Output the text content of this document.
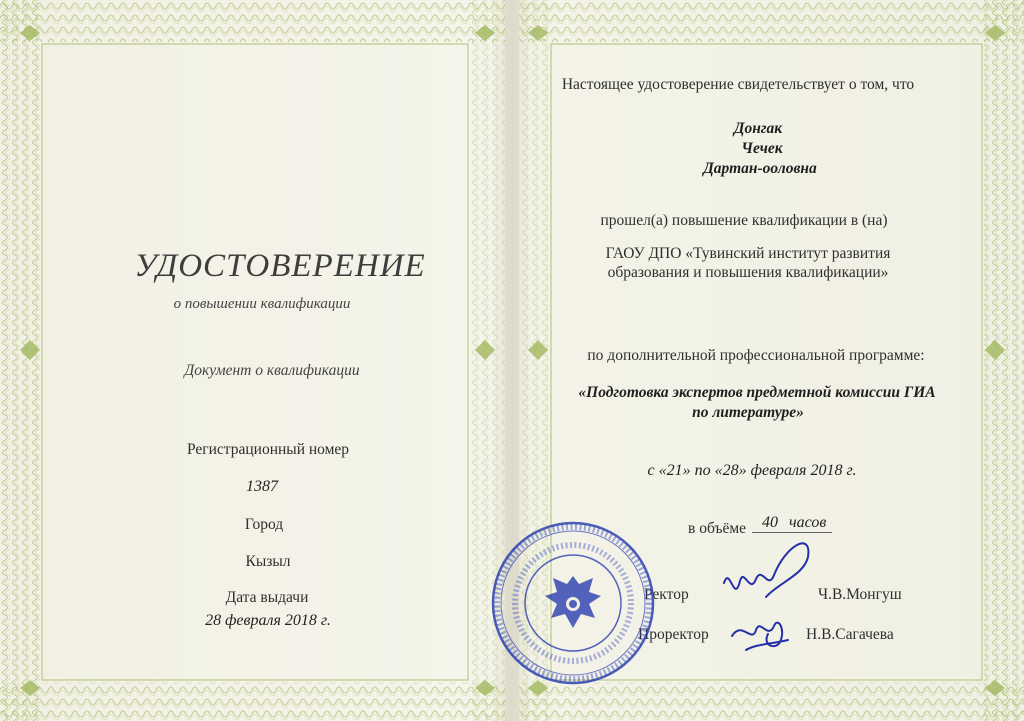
УДОСТОВЕРЕНИЕ
о повышении квалификации
Документ о квалификации
Регистрационный номер
1387
Город
Кызыл
Дата выдачи
28 февраля 2018 г.
Настоящее удостоверение свидетельствует о том, что
Донгак
Чечек
Дартан-ооловна
прошел(а) повышение квалификации в (на)
ГАОУ ДПО «Тувинский институт развития
образования и повышения квалификации»
по дополнительной профессиональной программе:
«Подготовка экспертов предметной комиссии ГИА
по литературе»
с «21» по «28» февраля 2018 г.
в объёме 40 часов
Ректор	Ч.В.Монгуш
Проректор	Н.В.Сагачева
